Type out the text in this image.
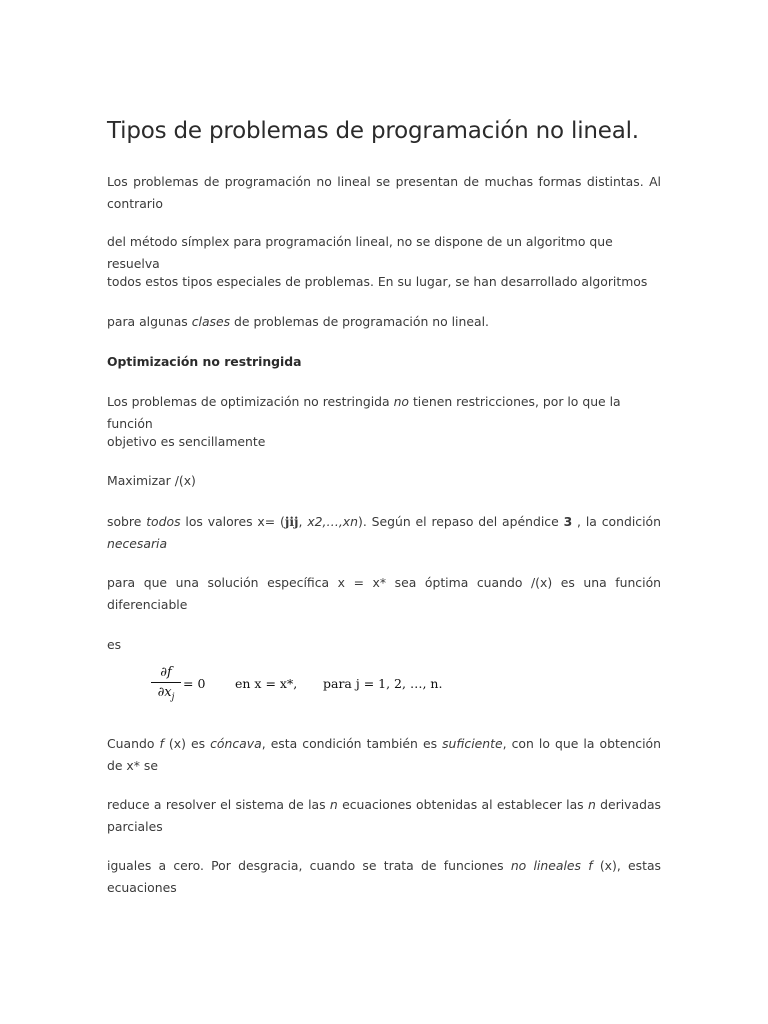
Tipos de problemas de programación no lineal.

Los problemas de programación no lineal se presentan de muchas formas distintas. Al contrario

del método símplex para programación lineal, no se dispone de un algoritmo que resuelva

todos estos tipos especiales de problemas. En su lugar, se han desarrollado algoritmos

para algunas clases de problemas de programación no lineal.

Optimización no restringida

Los problemas de optimización no restringida no tienen restricciones, por lo que la función

objetivo es sencillamente

Maximizar /(x)

sobre todos los valores x= (jij, x2,…,xn). Según el repaso del apéndice 3 , la condición necesaria

para que una solución específica x = x* sea óptima cuando /(x) es una función diferenciable

es

∂f
$\partial x_j$
= 0 en x = x*, para j = 1, 2, …, n.

Cuando f (x) es cóncava, esta condición también es suficiente, con lo que la obtención de x* se

reduce a resolver el sistema de las n ecuaciones obtenidas al establecer las n derivadas parciales

iguales a cero. Por desgracia, cuando se trata de funciones no lineales f (x), estas ecuaciones
